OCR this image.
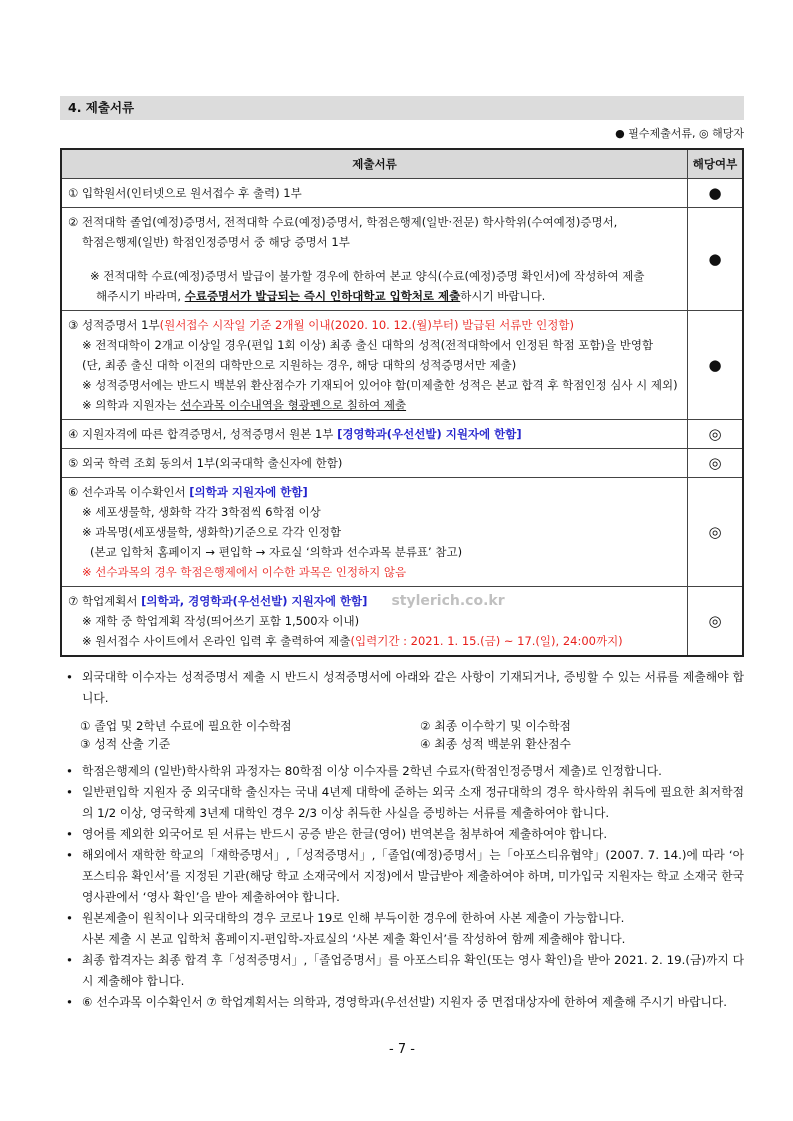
4. 제출서류
● 필수제출서류, ◎ 해당자
제출서류	해당여부

① 입학원서(인터넷으로 원서접수 후 출력) 1부	●

② 전적대학 졸업(예정)증명서, 전적대학 수료(예정)증명서, 학점은행제(일반·전문) 학사학위(수여예정)증명서,
학점은행제(일반) 학점인정증명서 중 해당 증명서 1부
※ 전적대학 수료(예정)증명서 발급이 불가할 경우에 한하여 본교 양식(수료(예정)증명 확인서)에 작성하여 제출
해주시기 바라며, 수료증명서가 발급되는 즉시 인하대학교 입학처로 제출하시기 바랍니다.	●

③ 성적증명서 1부(원서접수 시작일 기준 2개월 이내(2020. 10. 12.(월)부터) 발급된 서류만 인정함)
※ 전적대학이 2개교 이상일 경우(편입 1회 이상) 최종 출신 대학의 성적(전적대학에서 인정된 학점 포함)을 반영함
(단, 최종 출신 대학 이전의 대학만으로 지원하는 경우, 해당 대학의 성적증명서만 제출)
※ 성적증명서에는 반드시 백분위 환산점수가 기재되어 있어야 함(미제출한 성적은 본교 합격 후 학점인정 심사 시 제외)
※ 의학과 지원자는 선수과목 이수내역을 형광펜으로 칠하여 제출	●

④ 지원자격에 따른 합격증명서, 성적증명서 원본 1부 [경영학과(우선선발) 지원자에 한함]	◎

⑤ 외국 학력 조회 동의서 1부(외국대학 출신자에 한함)	◎

⑥ 선수과목 이수확인서 [의학과 지원자에 한함]
※ 세포생물학, 생화학 각각 3학점씩 6학점 이상
※ 과목명(세포생물학, 생화학)기준으로 각각 인정함
(본교 입학처 홈페이지 → 편입학 → 자료실 ‘의학과 선수과목 분류표’ 참고)
※ 선수과목의 경우 학점은행제에서 이수한 과목은 인정하지 않음	◎

⑦ 학업계획서 [의학과, 경영학과(우선선발) 지원자에 한함] stylerich.co.kr
※ 재학 중 학업계획 작성(띄어쓰기 포함 1,500자 이내)
※ 원서접수 사이트에서 온라인 입력 후 출력하여 제출(입력기간 : 2021. 1. 15.(금) ~ 17.(일), 24:00까지)	◎
• 외국대학 이수자는 성적증명서 제출 시 반드시 성적증명서에 아래와 같은 사항이 기재되거나, 증빙할 수 있는 서류를 제출해야 합니다.
① 졸업 및 2학년 수료에 필요한 이수학점	② 최종 이수학기 및 이수학점
③ 성적 산출 기준	④ 최종 성적 백분위 환산점수
• 학점은행제의 (일반)학사학위 과정자는 80학점 이상 이수자를 2학년 수료자(학점인정증명서 제출)로 인정합니다.
• 일반편입학 지원자 중 외국대학 출신자는 국내 4년제 대학에 준하는 외국 소재 정규대학의 경우 학사학위 취득에 필요한 최저학점의 1/2 이상, 영국학제 3년제 대학인 경우 2/3 이상 취득한 사실을 증빙하는 서류를 제출하여야 합니다.
• 영어를 제외한 외국어로 된 서류는 반드시 공증 받은 한글(영어) 번역본을 첨부하여 제출하여야 합니다.
• 해외에서 재학한 학교의「재학증명서」,「성적증명서」,「졸업(예정)증명서」는「아포스티유협약」(2007. 7. 14.)에 따라 ‘아포스티유 확인서’를 지정된 기관(해당 학교 소재국에서 지정)에서 발급받아 제출하여야 하며, 미가입국 지원자는 학교 소재국 한국영사관에서 ‘영사 확인’을 받아 제출하여야 합니다.
• 원본제출이 원칙이나 외국대학의 경우 코로나 19로 인해 부득이한 경우에 한하여 사본 제출이 가능합니다.
사본 제출 시 본교 입학처 홈페이지-편입학-자료실의 ‘사본 제출 확인서’를 작성하여 함께 제출해야 합니다.
• 최종 합격자는 최종 합격 후「성적증명서」,「졸업증명서」를 아포스티유 확인(또는 영사 확인)을 받아 2021. 2. 19.(금)까지 다시 제출해야 합니다.
• ⑥ 선수과목 이수확인서 ⑦ 학업계획서는 의학과, 경영학과(우선선발) 지원자 중 면접대상자에 한하여 제출해 주시기 바랍니다.
- 7 -
